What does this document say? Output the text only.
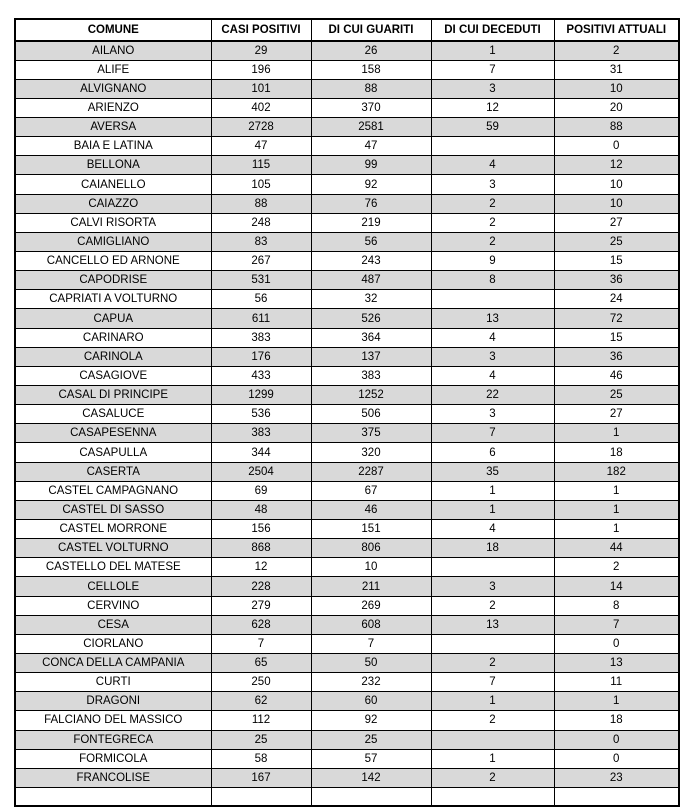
COMUNE	CASI POSITIVI	DI CUI GUARITI	DI CUI DECEDUTI	POSITIVI ATTUALI
AILANO	29	26	1	2
ALIFE	196	158	7	31
ALVIGNANO	101	88	3	10
ARIENZO	402	370	12	20
AVERSA	2728	2581	59	88
BAIA E LATINA	47	47		0
BELLONA	115	99	4	12
CAIANELLO	105	92	3	10
CAIAZZO	88	76	2	10
CALVI RISORTA	248	219	2	27
CAMIGLIANO	83	56	2	25
CANCELLO ED ARNONE	267	243	9	15
CAPODRISE	531	487	8	36
CAPRIATI A VOLTURNO	56	32		24
CAPUA	611	526	13	72
CARINARO	383	364	4	15
CARINOLA	176	137	3	36
CASAGIOVE	433	383	4	46
CASAL DI PRINCIPE	1299	1252	22	25
CASALUCE	536	506	3	27
CASAPESENNA	383	375	7	1
CASAPULLA	344	320	6	18
CASERTA	2504	2287	35	182
CASTEL CAMPAGNANO	69	67	1	1
CASTEL DI SASSO	48	46	1	1
CASTEL MORRONE	156	151	4	1
CASTEL VOLTURNO	868	806	18	44
CASTELLO DEL MATESE	12	10		2
CELLOLE	228	211	3	14
CERVINO	279	269	2	8
CESA	628	608	13	7
CIORLANO	7	7		0
CONCA DELLA CAMPANIA	65	50	2	13
CURTI	250	232	7	11
DRAGONI	62	60	1	1
FALCIANO DEL MASSICO	112	92	2	18
FONTEGRECA	25	25		0
FORMICOLA	58	57	1	0
FRANCOLISE	167	142	2	23
